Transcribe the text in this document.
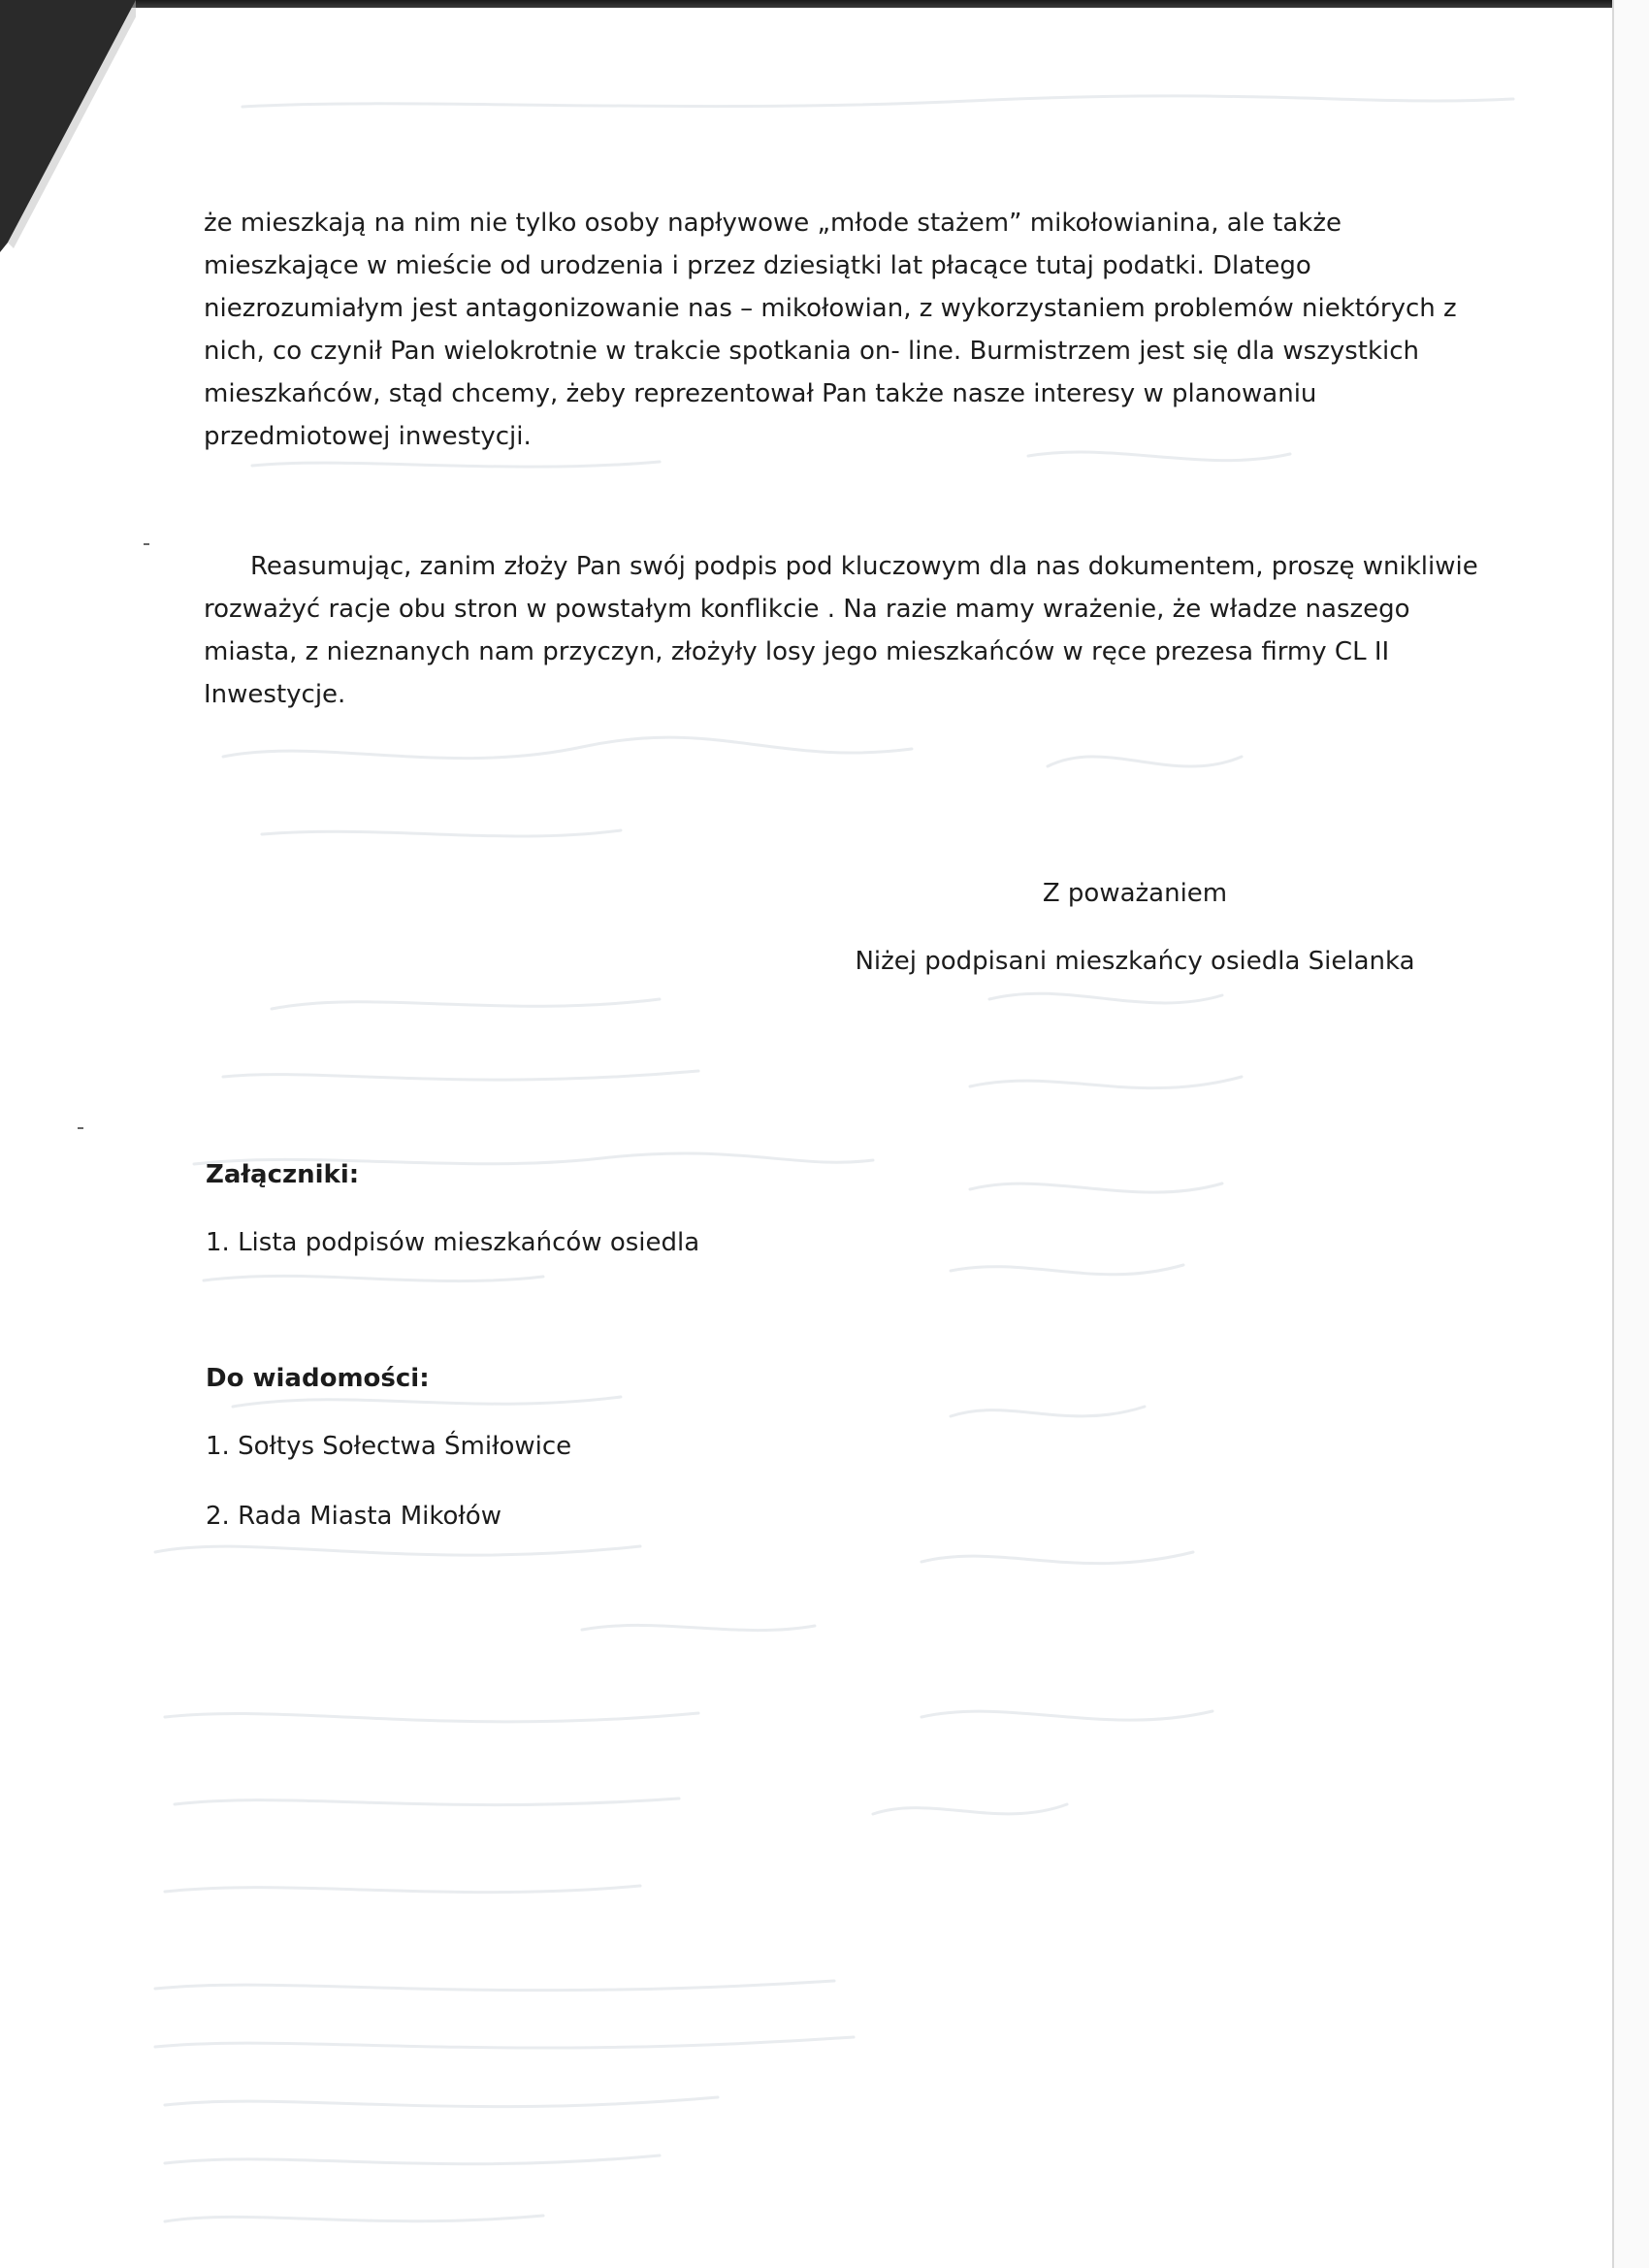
że mieszkają na nim nie tylko osoby napływowe „młode stażem” mikołowianina, ale także
mieszkające w mieście od urodzenia i przez dziesiątki lat płacące tutaj podatki. Dlatego
niezrozumiałym jest antagonizowanie nas – mikołowian, z wykorzystaniem problemów niektórych z
nich, co czynił Pan wielokrotnie w trakcie spotkania on- line. Burmistrzem jest się dla wszystkich
mieszkańców, stąd chcemy, żeby reprezentował Pan także nasze interesy w planowaniu
przedmiotowej inwestycji.

Reasumując, zanim złoży Pan swój podpis pod kluczowym dla nas dokumentem, proszę wnikliwie
rozważyć racje obu stron w powstałym konflikcie . Na razie mamy wrażenie, że władze naszego
miasta, z nieznanych nam przyczyn, złożyły losy jego mieszkańców w ręce prezesa firmy CL II
Inwestycje.

Z poważaniem
Niżej podpisani mieszkańcy osiedla Sielanka
Załączniki:
1. Lista podpisów mieszkańców osiedla
Do wiadomości:
1. Sołtys Sołectwa Śmiłowice
2. Rada Miasta Mikołów
